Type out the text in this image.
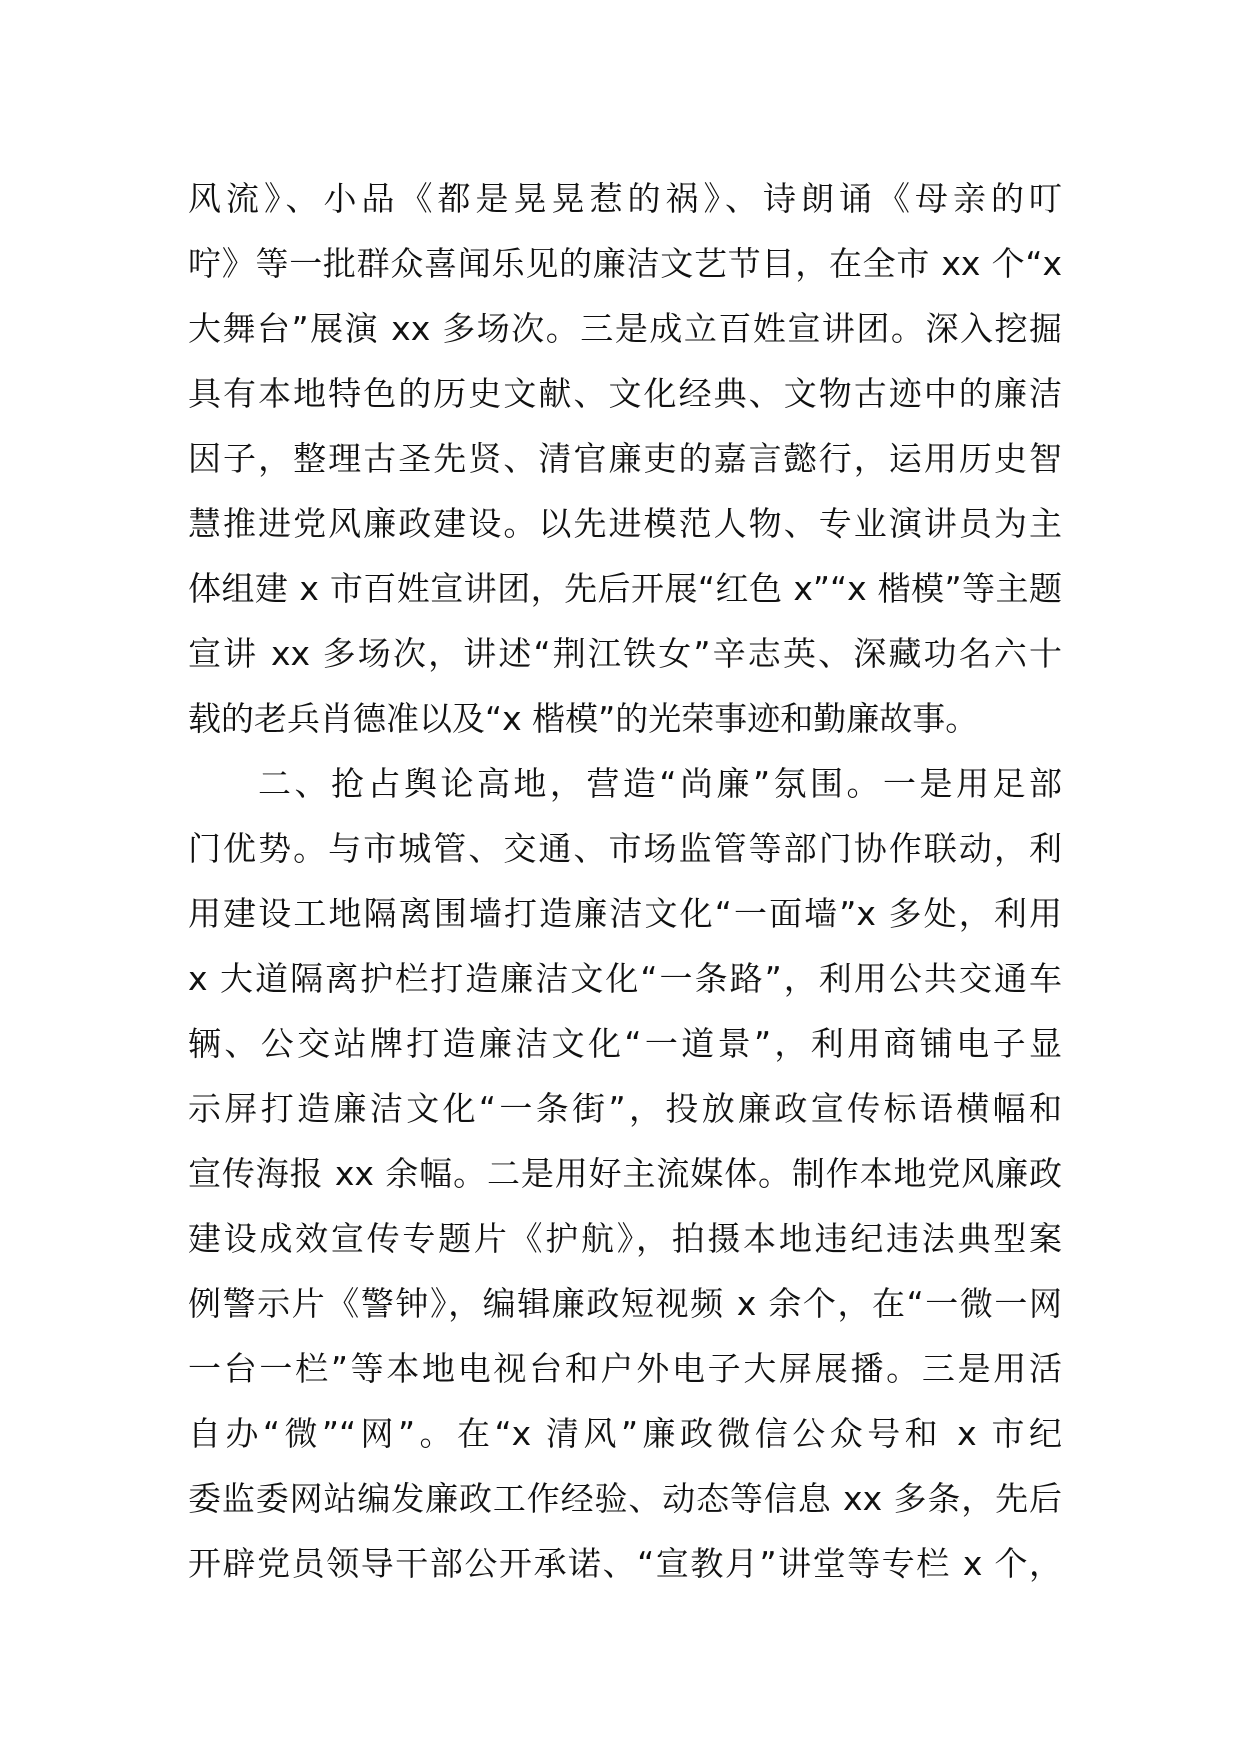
风流》、小品《都是晃晃惹的祸》、诗朗诵《母亲的叮
咛》等一批群众喜闻乐见的廉洁文艺节目，在全市 xx 个“x
大舞台”展演 xx 多场次。三是成立百姓宣讲团。深入挖掘
具有本地特色的历史文献、文化经典、文物古迹中的廉洁
因子，整理古圣先贤、清官廉吏的嘉言懿行，运用历史智
慧推进党风廉政建设。以先进模范人物、专业演讲员为主
体组建 x 市百姓宣讲团，先后开展“红色 x”“x 楷模”等主题
宣讲 xx 多场次，讲述“荆江铁女”辛志英、深藏功名六十
载的老兵肖德准以及“x 楷模”的光荣事迹和勤廉故事。
二、抢占舆论高地，营造“尚廉”氛围。一是用足部
门优势。与市城管、交通、市场监管等部门协作联动，利
用建设工地隔离围墙打造廉洁文化“一面墙”x 多处，利用
x 大道隔离护栏打造廉洁文化“一条路”，利用公共交通车
辆、公交站牌打造廉洁文化“一道景”，利用商铺电子显
示屏打造廉洁文化“一条街”，投放廉政宣传标语横幅和
宣传海报 xx 余幅。二是用好主流媒体。制作本地党风廉政
建设成效宣传专题片《护航》，拍摄本地违纪违法典型案
例警示片《警钟》，编辑廉政短视频 x 余个，在“一微一网
一台一栏”等本地电视台和户外电子大屏展播。三是用活
自办“微”“网”。在“x 清风”廉政微信公众号和 x 市纪
委监委网站编发廉政工作经验、动态等信息 xx 多条，先后
开辟党员领导干部公开承诺、“宣教月”讲堂等专栏 x 个，
